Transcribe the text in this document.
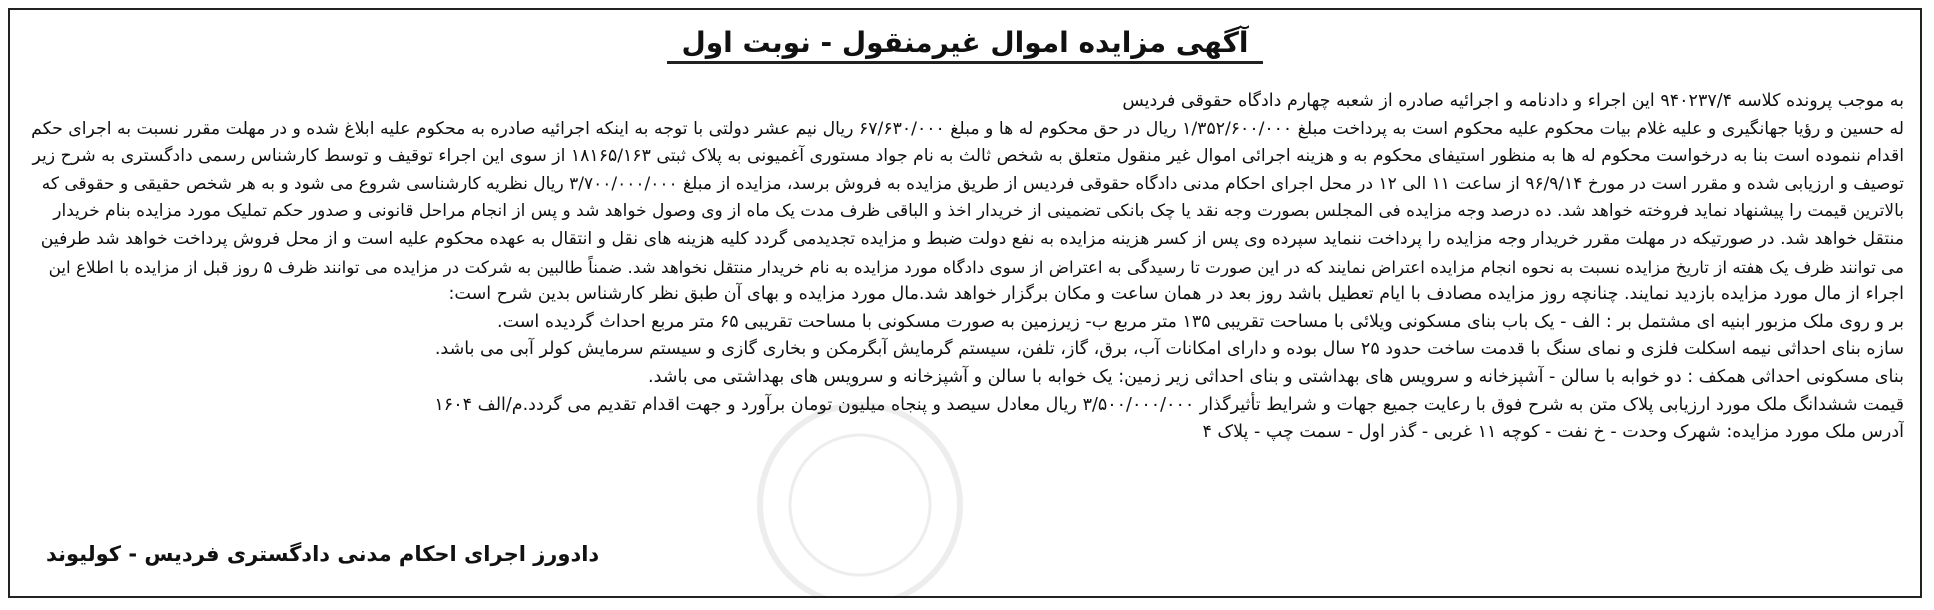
آگهی مزایده اموال غیرمنقول - نوبت اول

به موجب پرونده کلاسه ۹۴۰۲۳۷/۴ این اجراء و دادنامه و اجرائیه صادره از شعبه چهارم دادگاه حقوقی فردیس

له حسین و رؤیا جهانگیری و علیه غلام بیات محکوم علیه محکوم است به پرداخت مبلغ ۱/۳۵۲/۶۰۰/۰۰۰ ریال در حق محکوم له ها و مبلغ ۶۷/۶۳۰/۰۰۰ ریال نیم عشر دولتی با توجه به اینکه اجرائیه صادره به محکوم علیه ابلاغ شده و در مهلت مقرر نسبت به اجرای حکم

اقدام ننموده است بنا به درخواست محکوم له ها به منظور استیفای محکوم به و هزینه اجرائی اموال غیر منقول متعلق به شخص ثالث به نام جواد مستوری آغمیونی به پلاک ثبتی ۱۸۱۶۵/۱۶۳ از سوی این اجراء توقیف و توسط کارشناس رسمی دادگستری به شرح زیر

توصیف و ارزیابی شده و مقرر است در مورخ ۹۶/۹/۱۴ از ساعت ۱۱ الی ۱۲ در محل اجرای احکام مدنی دادگاه حقوقی فردیس از طریق مزایده به فروش برسد، مزایده از مبلغ ۳/۷۰۰/۰۰۰/۰۰۰ ریال نظریه کارشناسی شروع می شود و به هر شخص حقیقی و حقوقی که

بالاترین قیمت را پیشنهاد نماید فروخته خواهد شد. ده درصد وجه مزایده فی المجلس بصورت وجه نقد یا چک بانکی تضمینی از خریدار اخذ و الباقی ظرف مدت یک ماه از وی وصول خواهد شد و پس از انجام مراحل قانونی و صدور حکم تملیک مورد مزایده بنام خریدار

منتقل خواهد شد. در صورتیکه در مهلت مقرر خریدار وجه مزایده را پرداخت ننماید سپرده وی پس از کسر هزینه مزایده به نفع دولت ضبط و مزایده تجدیدمی گردد کلیه هزینه های نقل و انتقال به عهده محکوم علیه است و از محل فروش پرداخت خواهد شد طرفین

می توانند ظرف یک هفته از تاریخ مزایده نسبت به نحوه انجام مزایده اعتراض نمایند که در این صورت تا رسیدگی به اعتراض از سوی دادگاه مورد مزایده به نام خریدار منتقل نخواهد شد. ضمناً طالبین به شرکت در مزایده می توانند ظرف ۵ روز قبل از مزایده با اطلاع این

اجراء از مال مورد مزایده بازدید نمایند. چنانچه روز مزایده مصادف با ایام تعطیل باشد روز بعد در همان ساعت و مکان برگزار خواهد شد.مال مورد مزایده و بهای آن طبق نظر کارشناس بدین شرح است:

بر و روی ملک مزبور ابنیه ای مشتمل بر : الف - یک باب بنای مسکونی ویلائی با مساحت تقریبی ۱۳۵ متر مربع ب- زیرزمین به صورت مسکونی با مساحت تقریبی ۶۵ متر مربع احداث گردیده است.

سازه بنای احداثی نیمه اسکلت فلزی و نمای سنگ با قدمت ساخت حدود ۲۵ سال بوده و دارای امکانات آب، برق، گاز، تلفن، سیستم گرمایش آبگرمکن و بخاری گازی و سیستم سرمایش کولر آبی می باشد.

بنای مسکونی احداثی همکف : دو خوابه با سالن - آشپزخانه و سرویس های بهداشتی و بنای احداثی زیر زمین: یک خوابه با سالن و آشپزخانه و سرویس های بهداشتی می باشد.

قیمت ششدانگ ملک مورد ارزیابی پلاک متن به شرح فوق با رعایت جمیع جهات و شرایط تأثیرگذار ۳/۵۰۰/۰۰۰/۰۰۰ ریال معادل سیصد و پنجاه میلیون تومان برآورد و جهت اقدام تقدیم می گردد.م/الف ۱۶۰۴

آدرس ملک مورد مزایده: شهرک وحدت - خ نفت - کوچه ۱۱ غربی - گذر اول - سمت چپ - پلاک ۴

دادورز اجرای احکام مدنی دادگستری فردیس - کولیوند
